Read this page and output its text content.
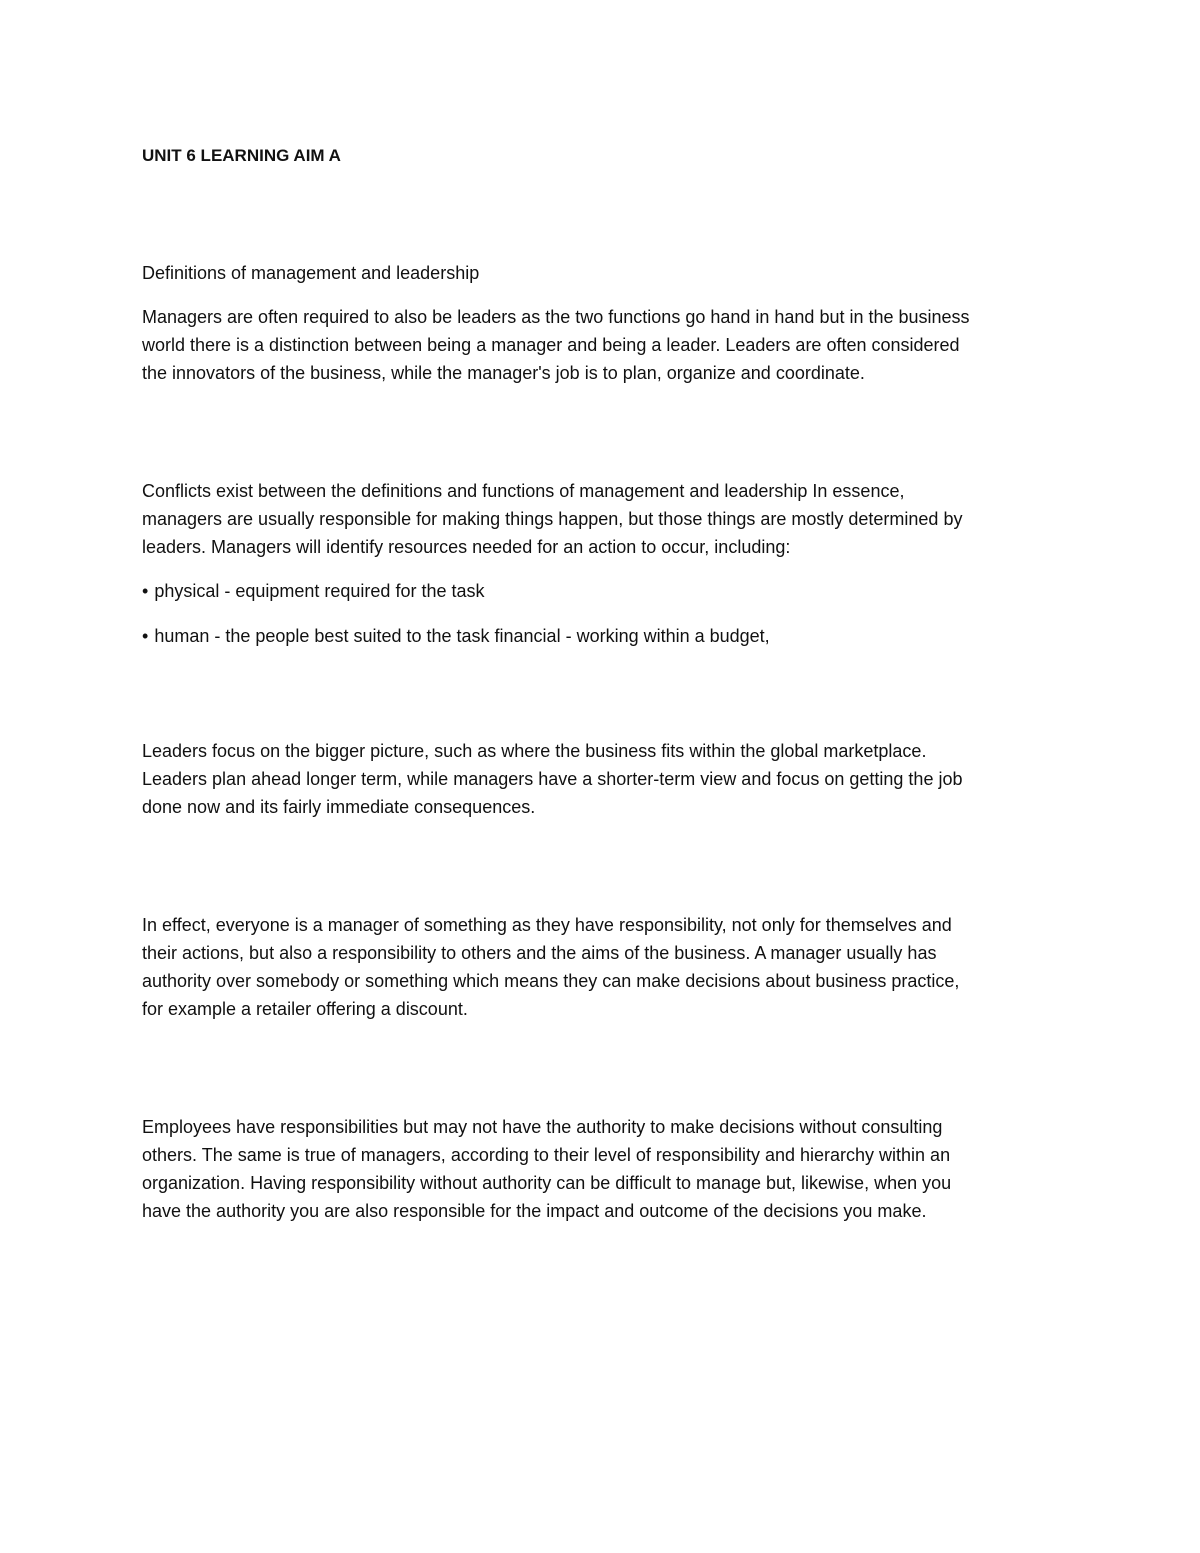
UNIT 6 LEARNING AIM A
Definitions of management and leadership
Managers are often required to also be leaders as the two functions go hand in hand but in the business
world there is a distinction between being a manager and being a leader. Leaders are often considered
the innovators of the business, while the manager's job is to plan, organize and coordinate.
Conflicts exist between the definitions and functions of management and leadership In essence,
managers are usually responsible for making things happen, but those things are mostly determined by
leaders. Managers will identify resources needed for an action to occur, including:
• physical - equipment required for the task
• human - the people best suited to the task financial - working within a budget,
Leaders focus on the bigger picture, such as where the business fits within the global marketplace.
Leaders plan ahead longer term, while managers have a shorter-term view and focus on getting the job
done now and its fairly immediate consequences.
In effect, everyone is a manager of something as they have responsibility, not only for themselves and
their actions, but also a responsibility to others and the aims of the business. A manager usually has
authority over somebody or something which means they can make decisions about business practice,
for example a retailer offering a discount.
Employees have responsibilities but may not have the authority to make decisions without consulting
others. The same is true of managers, according to their level of responsibility and hierarchy within an
organization. Having responsibility without authority can be difficult to manage but, likewise, when you
have the authority you are also responsible for the impact and outcome of the decisions you make.
